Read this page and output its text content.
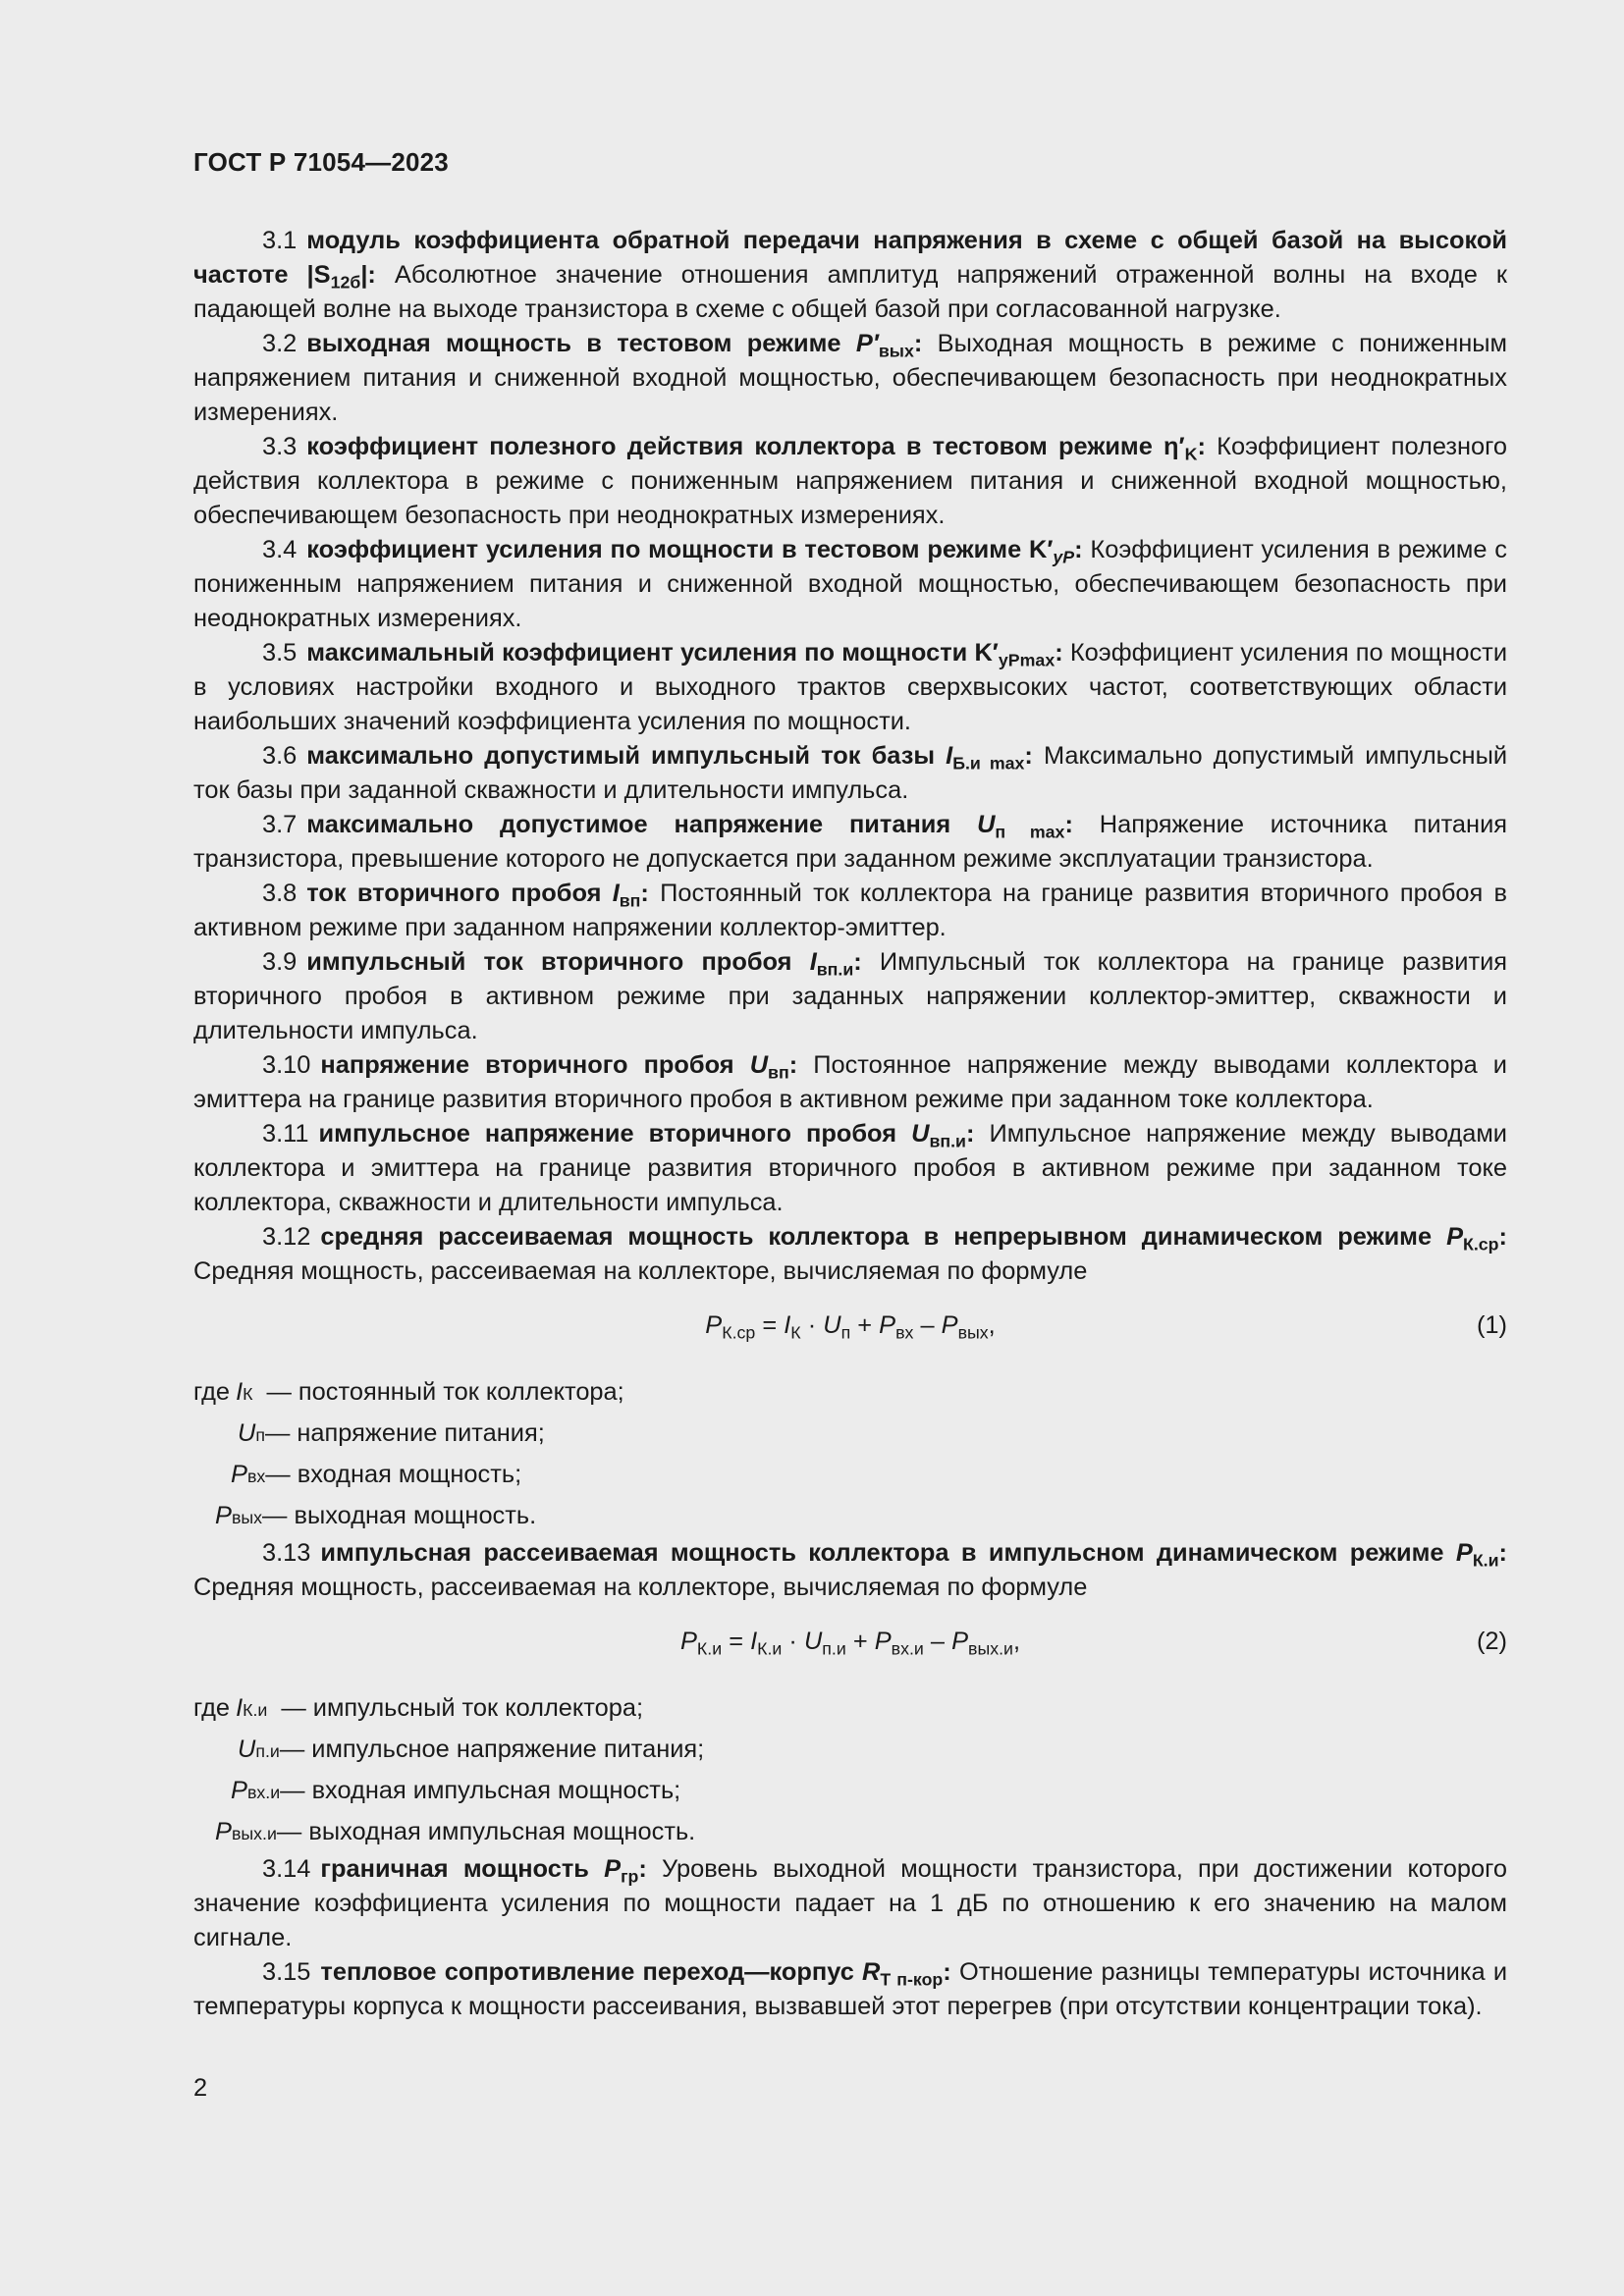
ГОСТ Р 71054—2023

3.1 модуль коэффициента обратной передачи напряжения в схеме с общей базой на высокой частоте $|S_{12б}|$: Абсолютное значение отношения амплитуд напряжений отраженной волны на входе к падающей волне на выходе транзистора в схеме с общей базой при согласованной нагрузке.

3.2 выходная мощность в тестовом режиме $P'_{вых}$: Выходная мощность в режиме с пониженным напряжением питания и сниженной входной мощностью, обеспечивающем безопасность при неоднократных измерениях.

3.3 коэффициент полезного действия коллектора в тестовом режиме $\eta'_K$: Коэффициент полезного действия коллектора в режиме с пониженным напряжением питания и сниженной входной мощностью, обеспечивающем безопасность при неоднократных измерениях.

3.4 коэффициент усиления по мощности в тестовом режиме $K'_{yP}$: Коэффициент усиления в режиме с пониженным напряжением питания и сниженной входной мощностью, обеспечивающем безопасность при неоднократных измерениях.

3.5 максимальный коэффициент усиления по мощности $K'_{yPmax}$: Коэффициент усиления по мощности в условиях настройки входного и выходного трактов сверхвысоких частот, соответствующих области наибольших значений коэффициента усиления по мощности.

3.6 максимально допустимый импульсный ток базы $I_{Б.и max}$: Максимально допустимый импульсный ток базы при заданной скважности и длительности импульса.

3.7 максимально допустимое напряжение питания $U_{п max}$: Напряжение источника питания транзистора, превышение которого не допускается при заданном режиме эксплуатации транзистора.

3.8 ток вторичного пробоя $I_{вп}$: Постоянный ток коллектора на границе развития вторичного пробоя в активном режиме при заданном напряжении коллектор-эмиттер.

3.9 импульсный ток вторичного пробоя $I_{вп.и}$: Импульсный ток коллектора на границе развития вторичного пробоя в активном режиме при заданных напряжении коллектор-эмиттер, скважности и длительности импульса.

3.10 напряжение вторичного пробоя $U_{вп}$: Постоянное напряжение между выводами коллектора и эмиттера на границе развития вторичного пробоя в активном режиме при заданном токе коллектора.

3.11 импульсное напряжение вторичного пробоя $U_{вп.и}$: Импульсное напряжение между выводами коллектора и эмиттера на границе развития вторичного пробоя в активном режиме при заданном токе коллектора, скважности и длительности импульса.

3.12 средняя рассеиваемая мощность коллектора в непрерывном динамическом режиме $P_{К.ср}$: Средняя мощность, рассеиваемая на коллекторе, вычисляемая по формуле

$P_{К.ср} = I_К \cdot U_п + P_{вх} - P_{вых}$,	(1)
где I К — постоянный ток коллектора;
U п — напряжение питания;
P вх — входная мощность;
P вых — выходная мощность.

3.13 импульсная рассеиваемая мощность коллектора в импульсном динамическом режиме $P_{К.и}$: Средняя мощность, рассеиваемая на коллекторе, вычисляемая по формуле

$P_{К.и} = I_{К.и} \cdot U_{п.и} + P_{вх.и} - P_{вых.и}$,	(2)
где I К.и — импульсный ток коллектора;
U п.и — импульсное напряжение питания;
P вх.и — входная импульсная мощность;
P вых.и — выходная импульсная мощность.

3.14 граничная мощность $P_{гр}$: Уровень выходной мощности транзистора, при достижении которого значение коэффициента усиления по мощности падает на 1 дБ по отношению к его значению на малом сигнале.

3.15 тепловое сопротивление переход—корпус $R_{Т п-кор}$: Отношение разницы температуры источника и температуры корпуса к мощности рассеивания, вызвавшей этот перегрев (при отсутствии концентрации тока).

2
